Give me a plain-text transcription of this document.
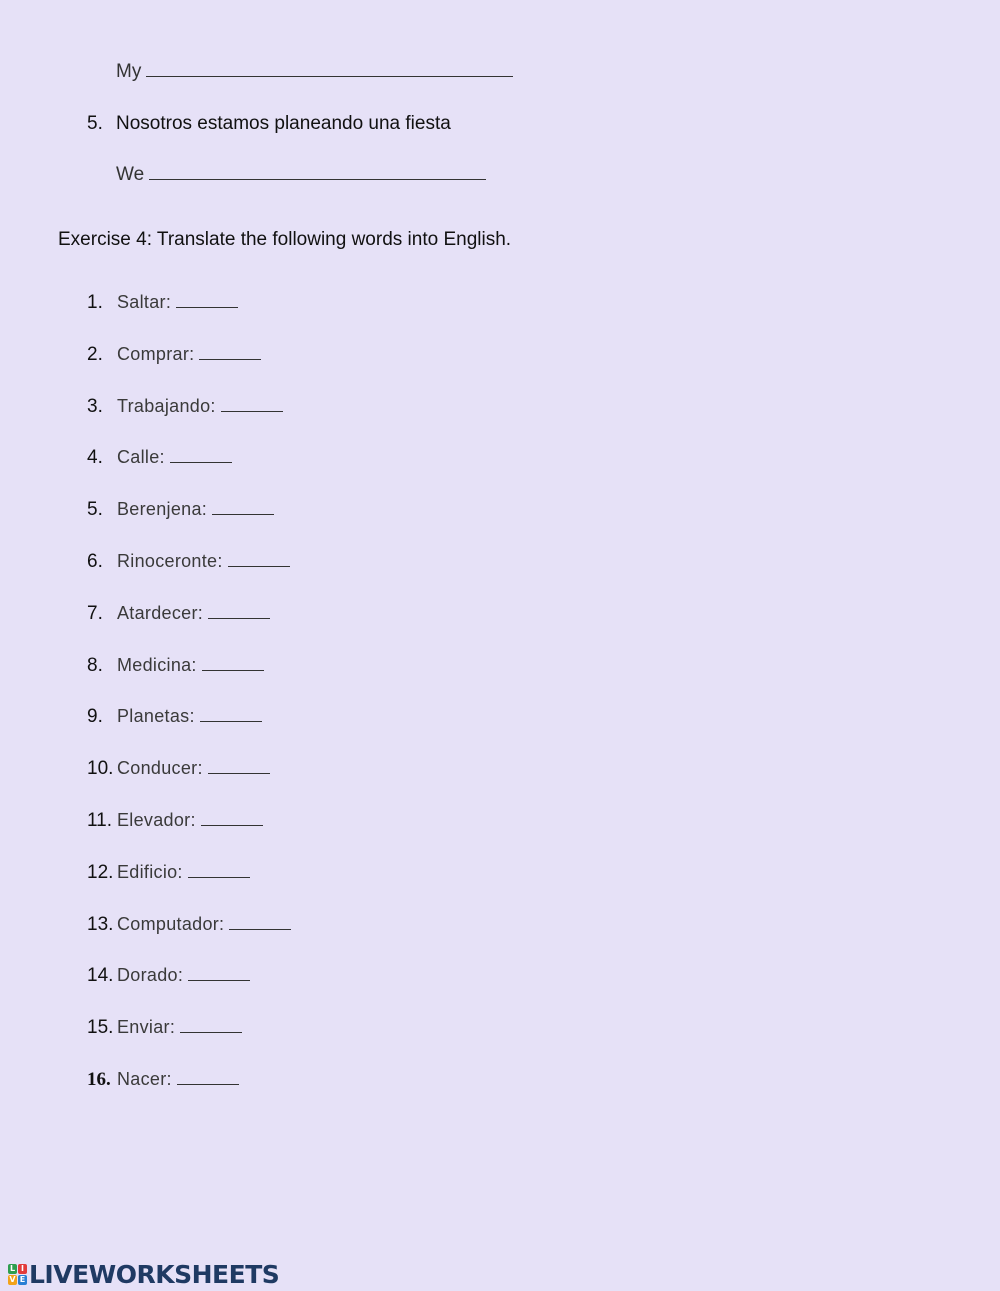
My
5. Nosotros estamos planeando una fiesta
We
Exercise 4: Translate the following words into English.
1. Saltar:
2. Comprar:
3. Trabajando:
4. Calle:
5. Berenjena:
6. Rinoceronte:
7. Atardecer:
8. Medicina:
9. Planetas:
10. Conducer:
11. Elevador:
12. Edificio:
13. Computador:
14. Dorado:
15. Enviar:
16. Nacer:
L I
V E LIVEWORKSHEETS
